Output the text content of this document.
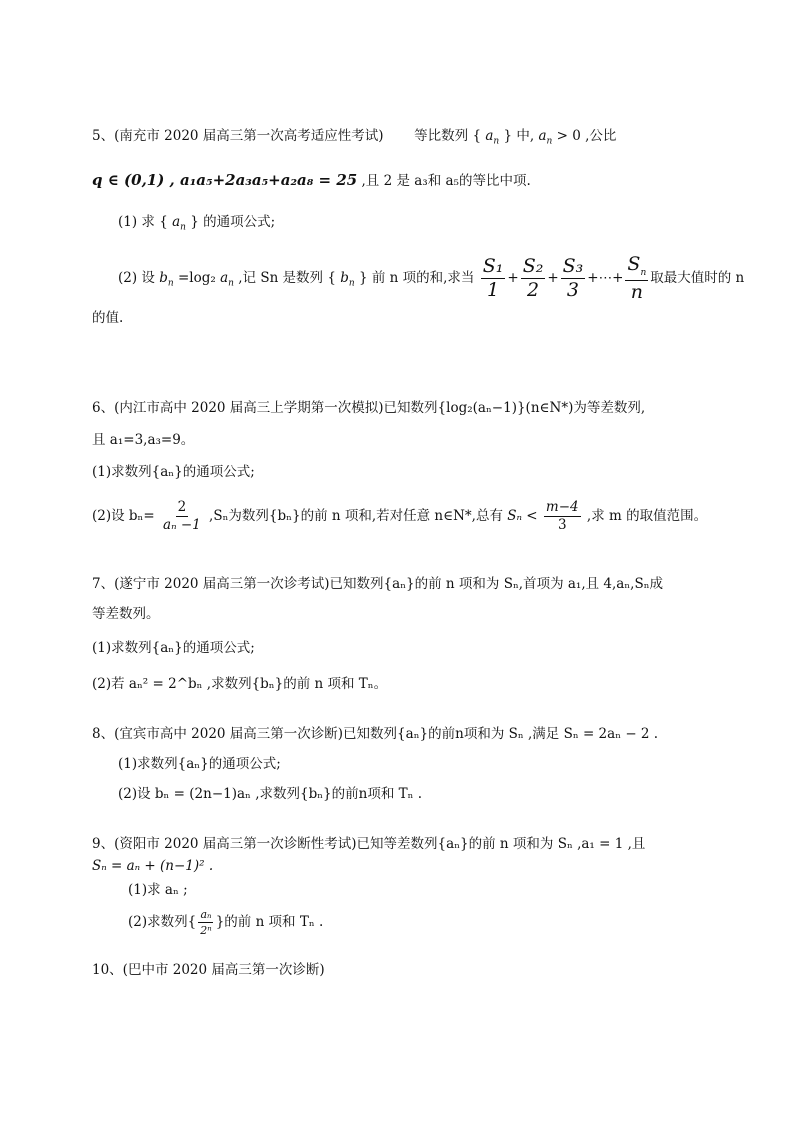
5、(南充市 2020 届高三第一次高考适应性考试) 等比数列 { $a_n$ } 中, $a_n > 0$ ,公比
q ∈ (0,1) , a₁a₅+2a₃a₅+a₂a₈ = 25 ,且 2 是 a₃和 a₅的等比中项.
(1) 求 { $a_n$ } 的通项公式;
(2) 设 $b_n =\log_2$ $a_n$ ,记 Sn 是数列 { $b_n$ } 前 n 项的和,求当 $\frac{\text{S₁}}{1} + \frac{\text{S₂}}{2} + \frac{\text{S₃}}{3}$ +⋯+ $\frac{S_n}{n}$ 取最大值时的 n
的值.
6、(内江市高中 2020 届高三上学期第一次模拟)已知数列{log₂(aₙ−1)}(n∈N*)为等差数列,
且 a₁=3,a₃=9。
(1)求数列{aₙ}的通项公式;
(2)设 $b_n= \frac{2}{\text{aₙ −1}} ,S_n$为数列{bₙ}的前 n 项和,若对任意 n∈N*,总有 $S_n < \frac{m-4}{3}$ ,求 m 的取值范围。
7、(遂宁市 2020 届高三第一次诊考试)已知数列{aₙ}的前 n 项和为 Sₙ,首项为 a₁,且 4,aₙ,Sₙ成
等差数列。
(1)求数列{aₙ}的通项公式;
(2)若 aₙ² = 2^bₙ ,求数列{bₙ}的前 n 项和 Tₙ。
8、(宜宾市高中 2020 届高三第一次诊断)已知数列{aₙ}的前n项和为 Sₙ ,满足 Sₙ = 2aₙ − 2 .
(1)求数列{aₙ}的通项公式;
(2)设 bₙ = (2n−1)aₙ ,求数列{bₙ}的前n项和 Tₙ .
9、(资阳市 2020 届高三第一次诊断性考试)已知等差数列{aₙ}的前 n 项和为 Sₙ ,a₁ = 1 ,且
Sₙ = aₙ + (n−1)² .
(1)求 aₙ ;
(2)求数列{ $\frac{\text{aₙ}}{\text{2ⁿ}}$ }的前 n 项和 Tₙ .
10、(巴中市 2020 届高三第一次诊断)
